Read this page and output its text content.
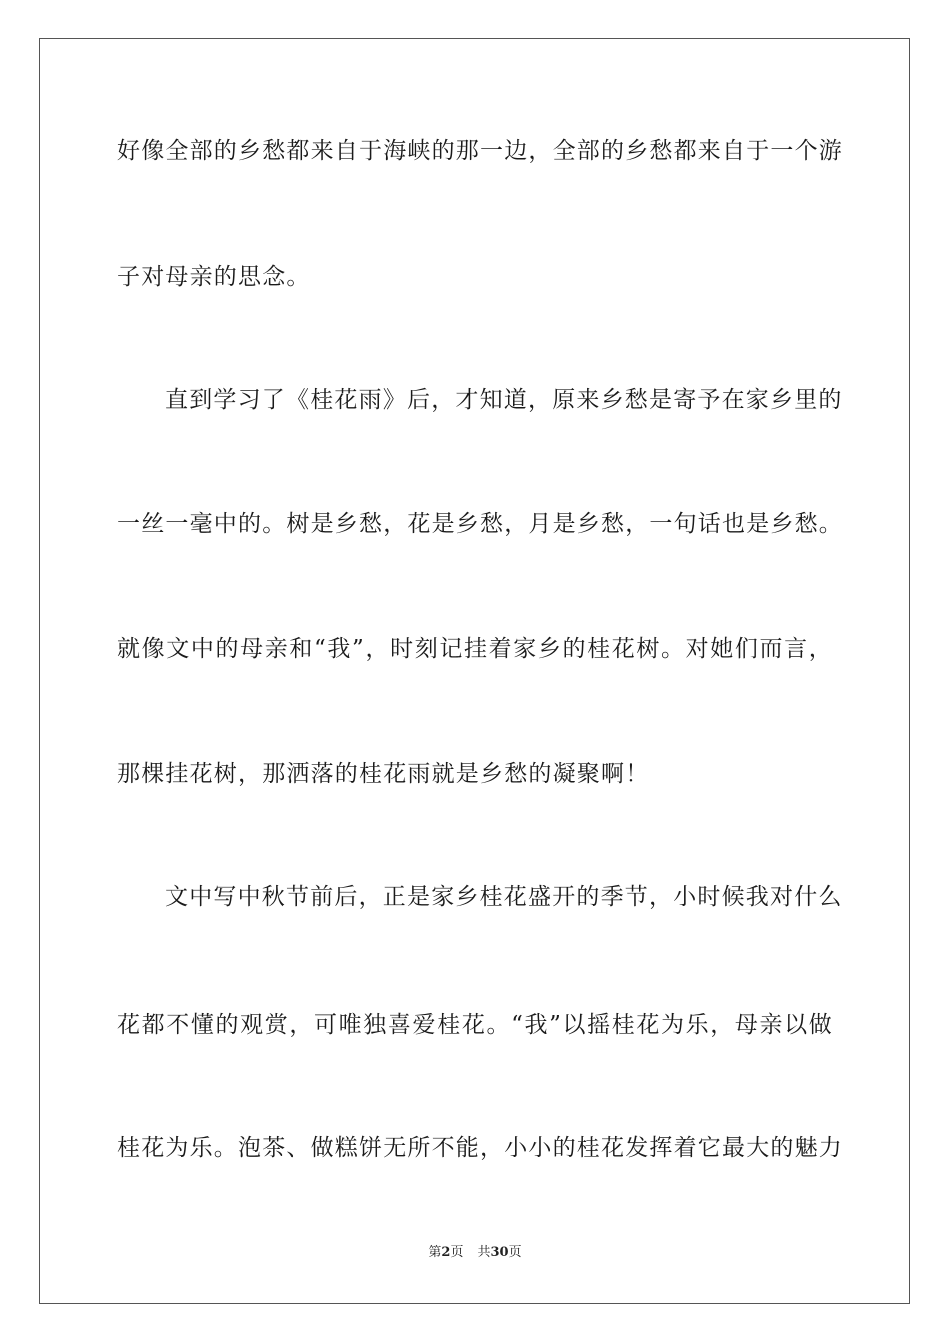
好像全部的乡愁都来自于海峡的那一边，全部的乡愁都来自于一个游
子对母亲的思念。
直到学习了《桂花雨》后，才知道，原来乡愁是寄予在家乡里的
一丝一毫中的。树是乡愁，花是乡愁，月是乡愁，一句话也是乡愁。
就像文中的母亲和“我”，时刻记挂着家乡的桂花树。对她们而言，
那棵挂花树，那洒落的桂花雨就是乡愁的凝聚啊！
文中写中秋节前后，正是家乡桂花盛开的季节，小时候我对什么
花都不懂的观赏，可唯独喜爱桂花。“我”以摇桂花为乐，母亲以做
桂花为乐。泡茶、做糕饼无所不能，小小的桂花发挥着它最大的魅力
第2页 共30页
